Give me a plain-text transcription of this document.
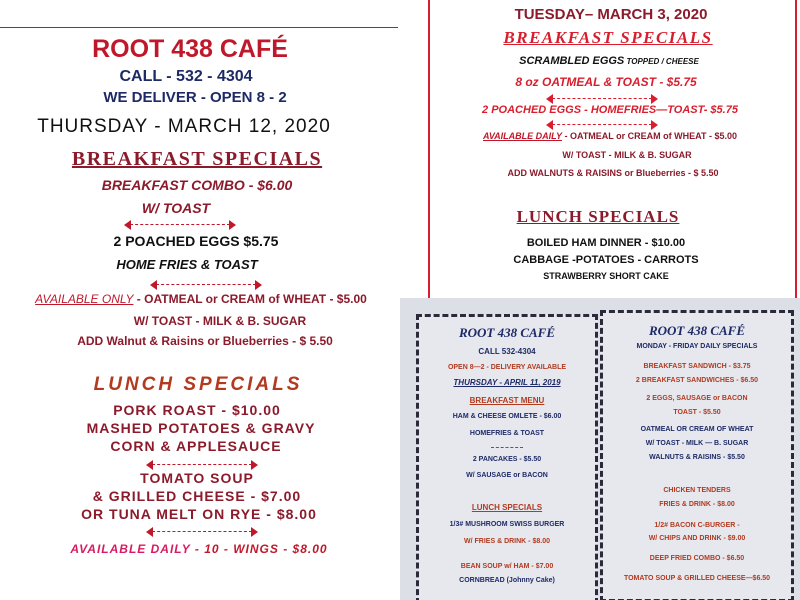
ROOT 438 CAFÉ
CALL - 532 - 4304
WE DELIVER - OPEN 8 - 2
THURSDAY - MARCH 12, 2020
BREAKFAST SPECIALS
BREAKFAST COMBO - $6.00
W/ TOAST
2 POACHED EGGS $5.75
HOME FRIES & TOAST
AVAILABLE ONLY - OATMEAL or CREAM of WHEAT - $5.00
W/ TOAST - MILK & B. SUGAR
ADD Walnut & Raisins or Blueberries - $ 5.50
LUNCH SPECIALS
PORK ROAST - $10.00
MASHED POTATOES & GRAVY
CORN & APPLESAUCE
TOMATO SOUP
& GRILLED CHEESE - $7.00
OR TUNA MELT ON RYE - $8.00
AVAILABLE DAILY - 10 - WINGS - $8.00
TUESDAY– MARCH 3, 2020
BREAKFAST SPECIALS
SCRAMBLED EGGS TOPPED / CHEESE
8 oz OATMEAL & TOAST - $5.75
2 POACHED EGGS - HOMEFRIES—TOAST- $5.75
AVAILABLE DAILY - OATMEAL or CREAM of WHEAT - $5.00
W/ TOAST - MILK & B. SUGAR
ADD WALNUTS & RAISINS or Blueberries - $ 5.50
LUNCH SPECIALS
BOILED HAM DINNER - $10.00
CABBAGE -POTATOES - CARROTS
STRAWBERRY SHORT CAKE
ROOT 438 CAFÉ
CALL 532-4304
OPEN 8—2 - DELIVERY AVAILABLE
THURSDAY - APRIL 11, 2019
BREAKFAST MENU
HAM & CHEESE OMLETE - $6.00
HOMEFRIES & TOAST
2 PANCAKES - $5.50
W/ SAUSAGE or BACON
LUNCH SPECIALS
1/3# MUSHROOM SWISS BURGER
W/ FRIES & DRINK - $8.00
BEAN SOUP w/ HAM - $7.00
CORNBREAD (Johnny Cake)
ROOT 438 CAFÉ
MONDAY - FRIDAY DAILY SPECIALS
BREAKFAST SANDWICH - $3.75
2 BREAKFAST SANDWICHES - $6.50
2 EGGS, SAUSAGE or BACON
TOAST - $5.50
OATMEAL OR CREAM OF WHEAT
W/ TOAST - MILK — B. SUGAR
WALNUTS & RAISINS - $5.50
CHICKEN TENDERS
FRIES & DRINK - $8.00
1/2# BACON C-BURGER -
W/ CHIPS AND DRINK - $9.00
DEEP FRIED COMBO - $6.50
TOMATO SOUP & GRILLED CHEESE—$6.50
